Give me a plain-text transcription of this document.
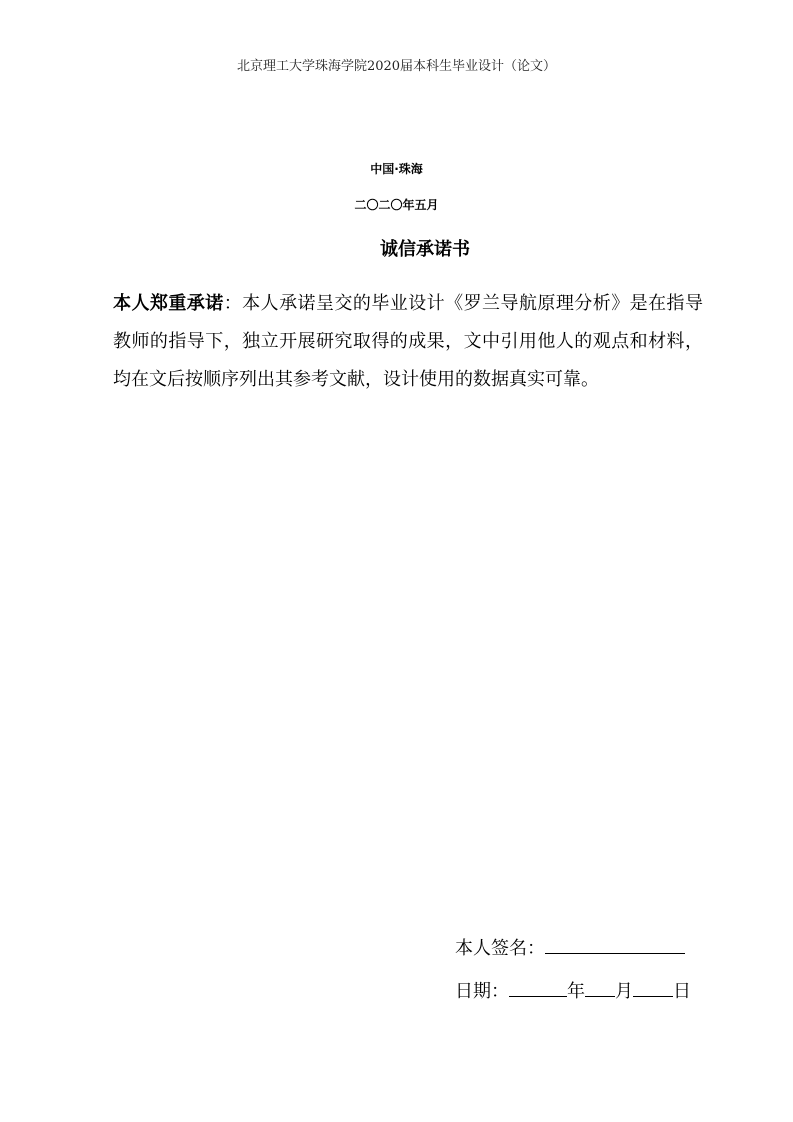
北京理工大学珠海学院2020届本科生毕业设计（论文）
中国·珠海
二〇二〇年五月
诚信承诺书
本人郑重承诺：本人承诺呈交的毕业设计《罗兰导航原理分析》是在指导教师的指导下，独立开展研究取得的成果，文中引用他人的观点和材料，均在文后按顺序列出其参考文献，设计使用的数据真实可靠。
本人签名：
日期：	年 月 日
